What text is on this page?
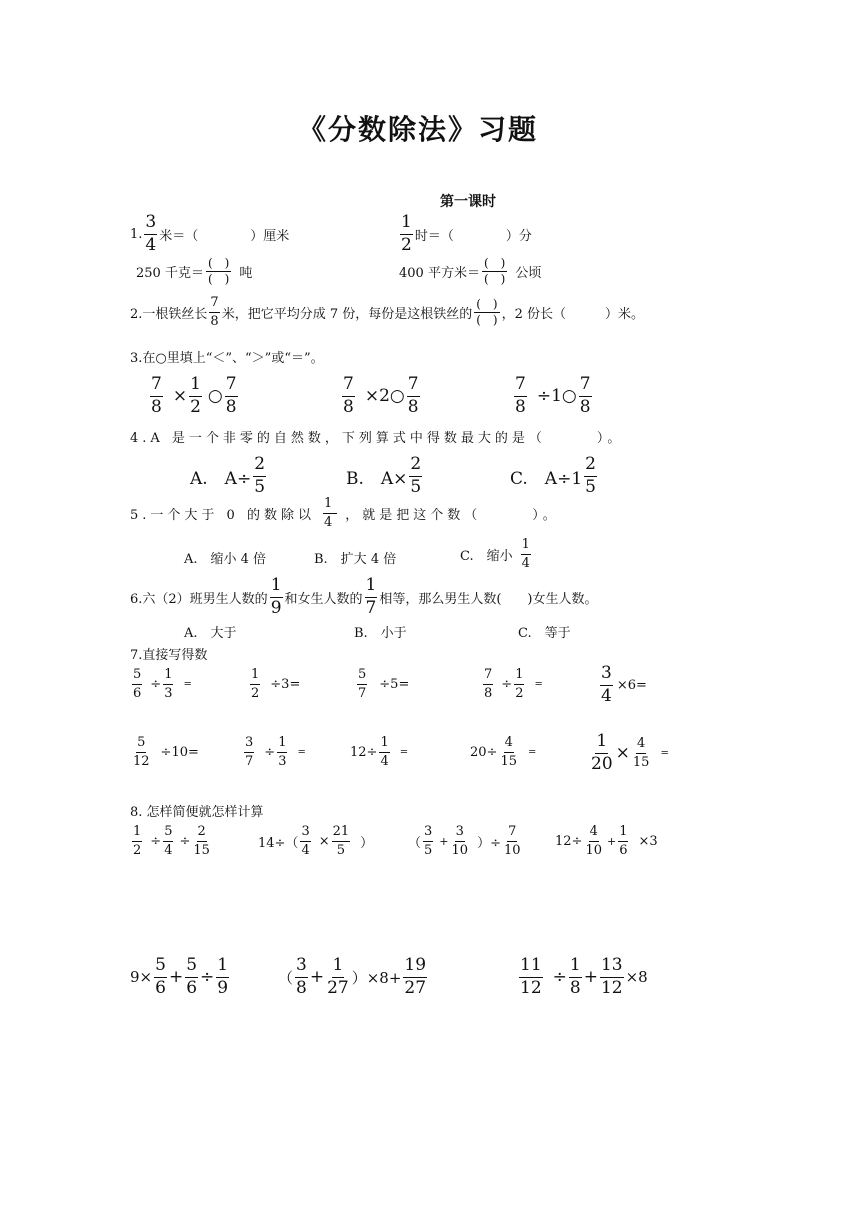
《分数除法》习题
第一课时
1. $\frac{3}{4}$ 米＝（　　　　）厘米	$\frac{1}{2}$ 时＝（　　　　）分
250 千克＝ $\frac{( )}{( )}$ 吨	400 平方米＝ $\frac{( )}{( )}$ 公顷
2.一根铁丝长 $\frac{7}{8}$ 米，把它平均分成 7 份，每份是这根铁丝的 $\frac{( )}{( )}$ ，2 份长（　　　）米。
3.在○里填上“＜”、“＞”或“＝”。
$\frac{7}{8} \times \frac{1}{2}$ ○ $\frac{7}{8}$	$\frac{7}{8}$ ×2○ $\frac{7}{8}$	$\frac{7}{8}$ ÷1○ $\frac{7}{8}$
4.A 是一个非零的自然数，下列算式中得数最大的是（　　　）。
A.　$A\div \frac{2}{5}$	B.　$A\times \frac{2}{5}$	C.　$A\div 1 \frac{2}{5}$
5.一个大于 0 的数除以 $\frac{1}{4}$ ，就是把这个数（　　　）。
A.　缩小 4 倍	B.　扩大 4 倍	C.　缩小 $\frac{1}{4}$
6.六（2）班男生人数的 $\frac{1}{9}$ 和女生人数的 $\frac{1}{7}$ 相等，那么男生人数(　　)女生人数。
A.　大于	B.　小于	C.　等于
7.直接写得数
$\frac{5}{6} \div \frac{1}{3}$ =	$\frac{1}{2} \div 3=$	$\frac{5}{7} \div 5=$	$\frac{7}{8} \div \frac{1}{2}$ =	$\frac{3}{4} \times 6=$
$\frac{5}{12} \div 10=$	$\frac{3}{7} \div \frac{1}{3}$ =	$12\div \frac{1}{4}$ =	$20\div \frac{4}{15}$ =	$\frac{1}{20} \times \frac{4}{15}$ =
8. 怎样简便就怎样计算
$\frac{1}{2} \div \frac{5}{4} \div \frac{2}{15}$	$14\div( \frac{3}{4} \times \frac{21}{5}$ ）	（ $\frac{3}{5} + \frac{3}{10}$ ）÷ $\frac{7}{10}$	$12\div \frac{4}{10} + \frac{1}{6} \times 3$
$9\times \frac{5}{6} + \frac{5}{6} \div \frac{1}{9}$	（ $\frac{3}{8} + \frac{1}{27} )\times 8+ \frac{19}{27}$	$\frac{11}{12} \div \frac{1}{8} + \frac{13}{12} \times 8$
